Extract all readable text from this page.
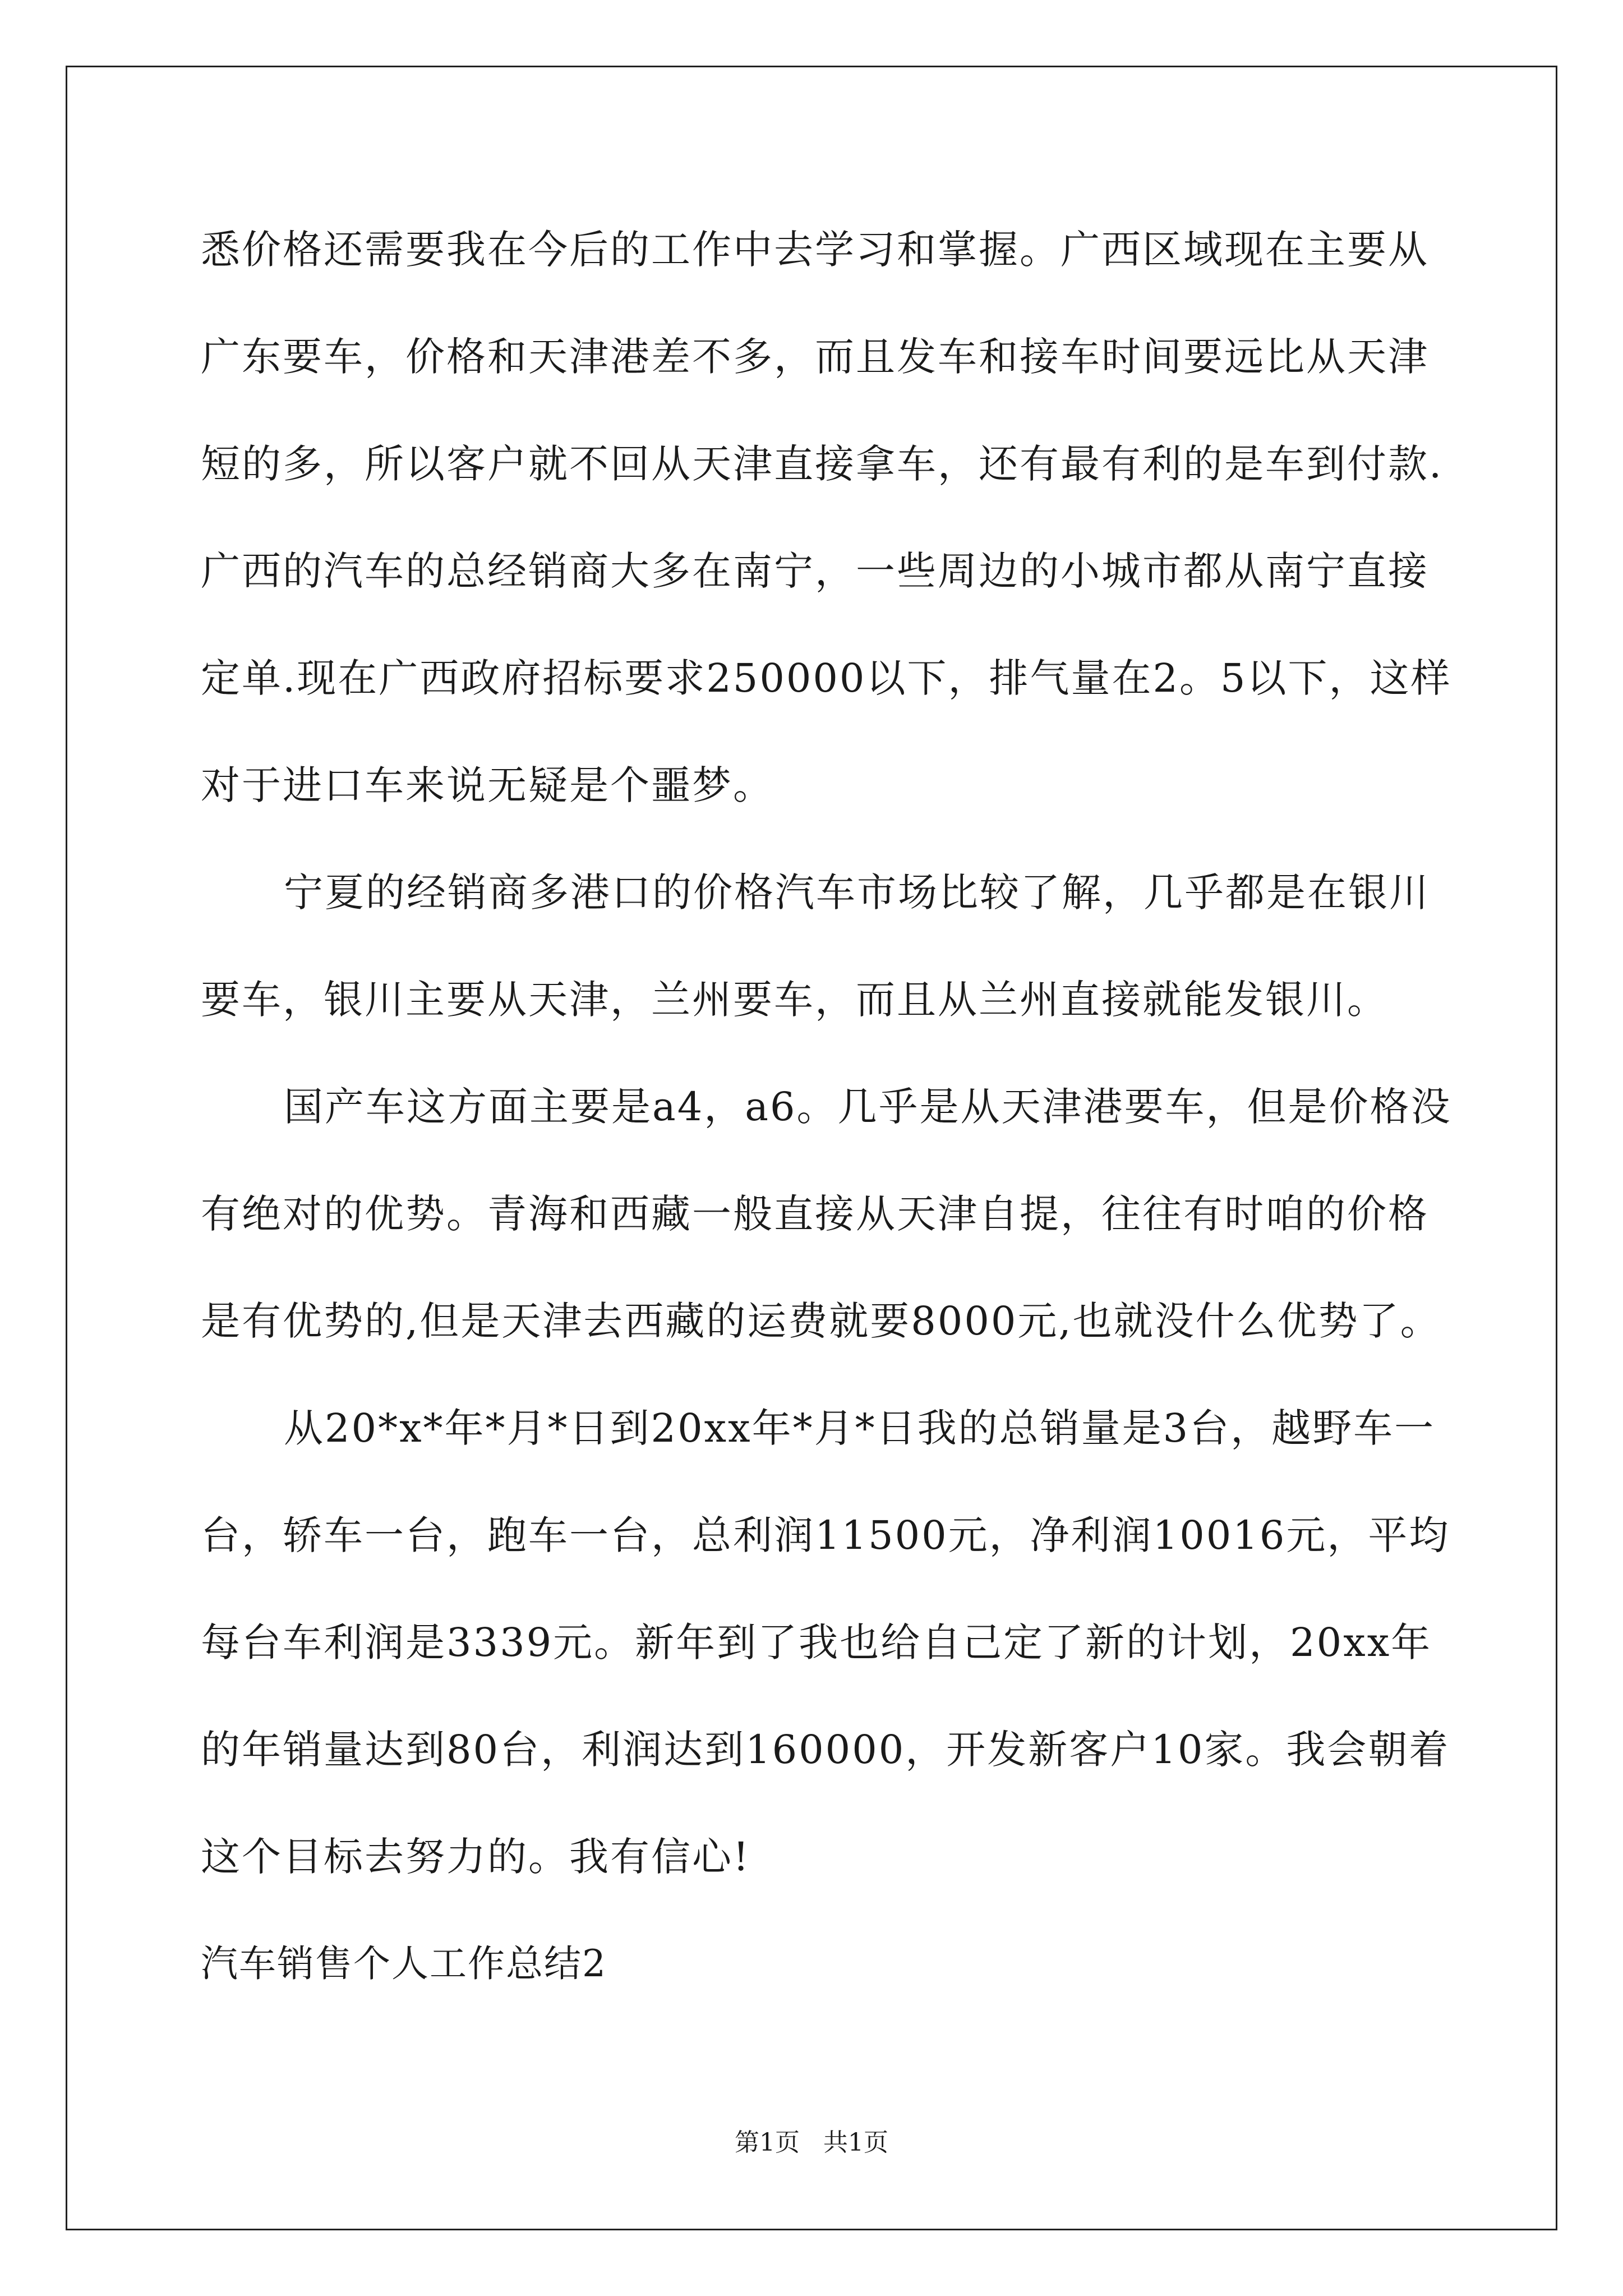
悉价格还需要我在今后的工作中去学习和掌握。广西区域现在主要从
广东要车，价格和天津港差不多，而且发车和接车时间要远比从天津
短的多，所以客户就不回从天津直接拿车，还有最有利的是车到付款.
广西的汽车的总经销商大多在南宁，一些周边的小城市都从南宁直接
定单.现在广西政府招标要求250000以下，排气量在2。5以下，这样
对于进口车来说无疑是个噩梦。
宁夏的经销商多港口的价格汽车市场比较了解，几乎都是在银川
要车，银川主要从天津，兰州要车，而且从兰州直接就能发银川。
国产车这方面主要是a4，a6。几乎是从天津港要车，但是价格没
有绝对的优势。青海和西藏一般直接从天津自提，往往有时咱的价格
是有优势的,但是天津去西藏的运费就要8000元,也就没什么优势了。
从20*x*年*月*日到20xx年*月*日我的总销量是3台，越野车一
台，轿车一台，跑车一台，总利润11500元，净利润10016元，平均
每台车利润是3339元。新年到了我也给自己定了新的计划，20xx年
的年销量达到80台，利润达到160000，开发新客户10家。我会朝着
这个目标去努力的。我有信心!
汽车销售个人工作总结2
第1页   共1页
